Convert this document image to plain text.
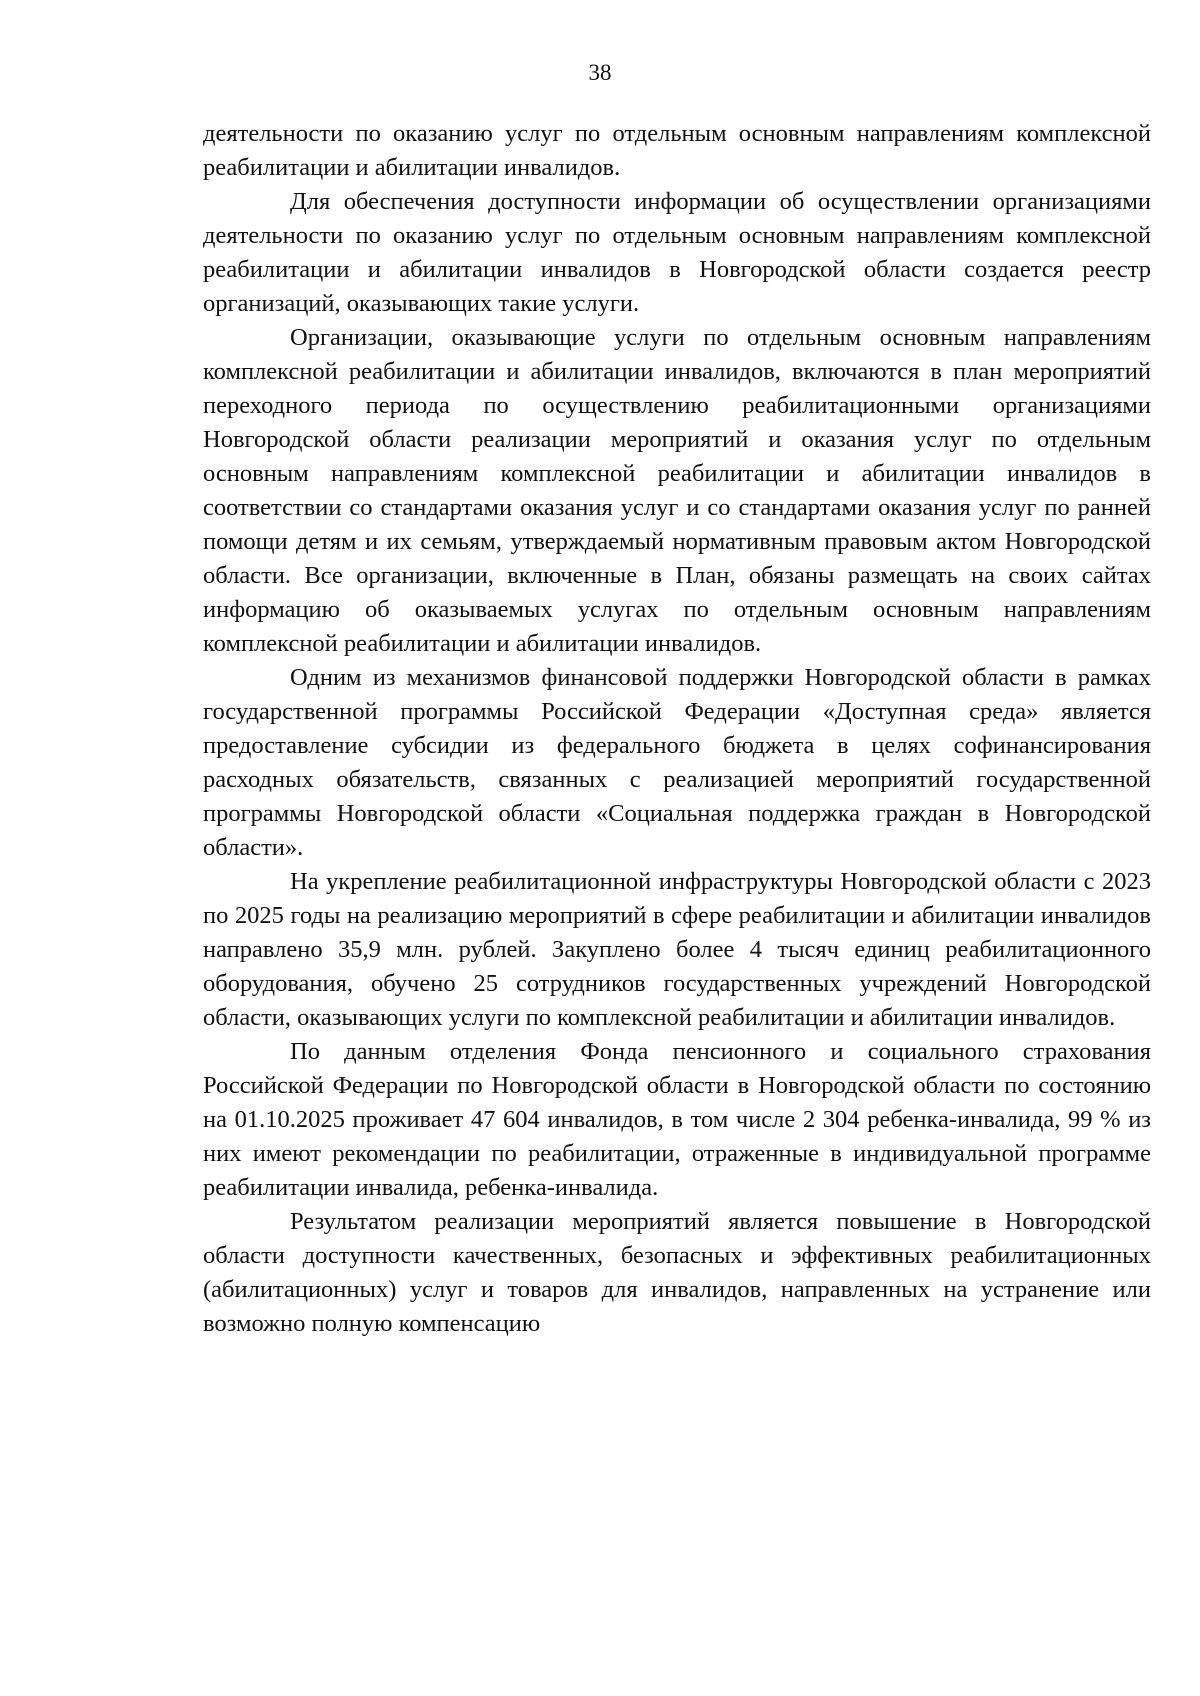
38

деятельности по оказанию услуг по отдельным основным направлениям комплексной реабилитации и абилитации инвалидов.

Для обеспечения доступности информации об осуществлении организациями деятельности по оказанию услуг по отдельным основным направлениям комплексной реабилитации и абилитации инвалидов в Новгородской области создается реестр организаций, оказывающих такие услуги.

Организации, оказывающие услуги по отдельным основным направлениям комплексной реабилитации и абилитации инвалидов, включаются в план мероприятий переходного периода по осуществлению реабилитационными организациями Новгородской области реализации мероприятий и оказания услуг по отдельным основным направлениям комплексной реабилитации и абилитации инвалидов в соответствии со стандартами оказания услуг и со стандартами оказания услуг по ранней помощи детям и их семьям, утверждаемый нормативным правовым актом Новгородской области. Все организации, включенные в План, обязаны размещать на своих сайтах информацию об оказываемых услугах по отдельным основным направлениям комплексной реабилитации и абилитации инвалидов.

Одним из механизмов финансовой поддержки Новгородской области в рамках государственной программы Российской Федерации «Доступная среда» является предоставление субсидии из федерального бюджета в целях софинансирования расходных обязательств, связанных с реализацией мероприятий государственной программы Новгородской области «Социальная поддержка граждан в Новгородской области».

На укрепление реабилитационной инфраструктуры Новгородской области с 2023 по 2025 годы на реализацию мероприятий в сфере реабилитации и абилитации инвалидов направлено 35,9 млн. рублей. Закуплено более 4 тысяч единиц реабилитационного оборудования, обучено 25 сотрудников государственных учреждений Новгородской области, оказывающих услуги по комплексной реабилитации и абилитации инвалидов.

По данным отделения Фонда пенсионного и социального страхования Российской Федерации по Новгородской области в Новгородской области по состоянию на 01.10.2025 проживает 47 604 инвалидов, в том числе 2 304 ребенка-инвалида, 99 % из них имеют рекомендации по реабилитации, отраженные в индивидуальной программе реабилитации инвалида, ребенка-инвалида.

Результатом реализации мероприятий является повышение в Новгородской области доступности качественных, безопасных и эффективных реабилитационных (абилитационных) услуг и товаров для инвалидов, направленных на устранение или возможно полную компенсацию
